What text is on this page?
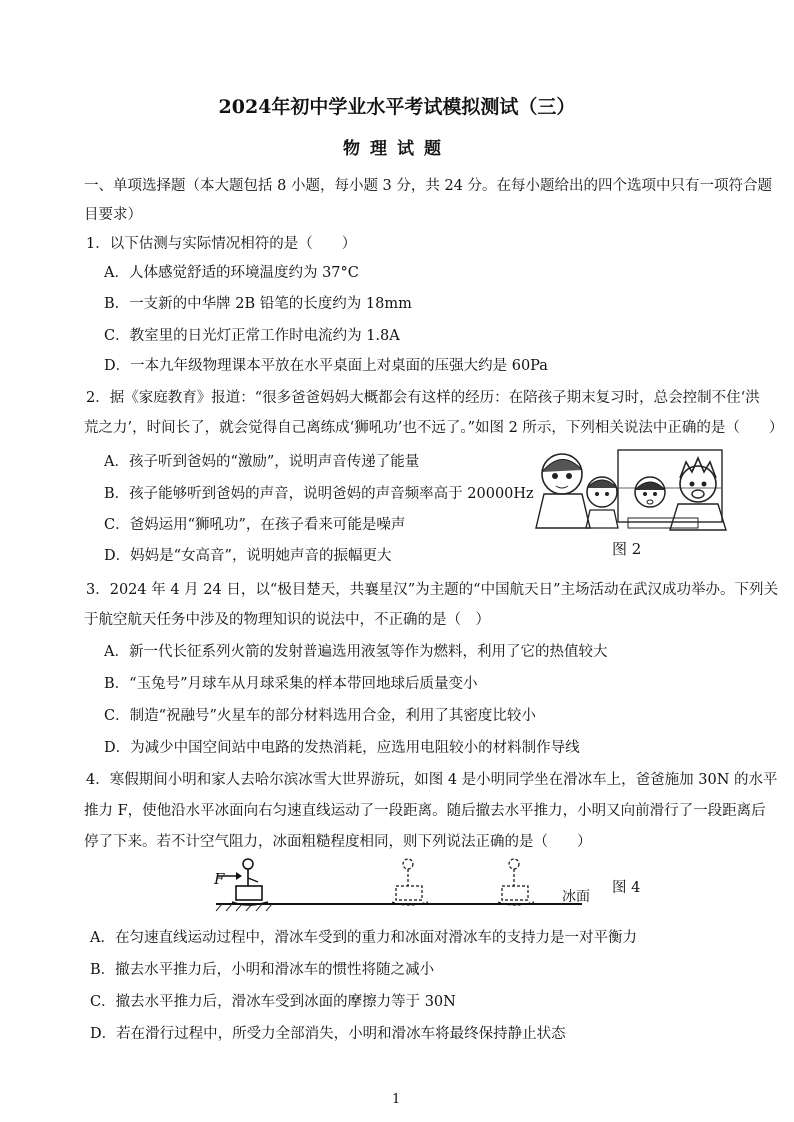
2024年初中学业水平考试模拟测试（三）
物理试题
一、单项选择题（本大题包括 8 小题，每小题 3 分，共 24 分。在每小题给出的四个选项中只有一项符合题
目要求）
1．以下估测与实际情况相符的是（　　）
A．人体感觉舒适的环境温度约为 37°C
B．一支新的中华牌 2B 铅笔的长度约为 18mm
C．教室里的日光灯正常工作时电流约为 1.8A
D．一本九年级物理课本平放在水平桌面上对桌面的压强大约是 60Pa
2．据《家庭教育》报道：“很多爸爸妈妈大概都会有这样的经历：在陪孩子期末复习时，总会控制不住‘洪
荒之力’，时间长了，就会觉得自己离练成‘狮吼功’也不远了。”如图 2 所示，下列相关说法中正确的是（　　）
A．孩子听到爸妈的“激励”，说明声音传递了能量
B．孩子能够听到爸妈的声音，说明爸妈的声音频率高于 20000Hz
C．爸妈运用“狮吼功”，在孩子看来可能是噪声
D．妈妈是“女高音”，说明她声音的振幅更大	图 2
3．2024 年 4 月 24 日，以“极目楚天，共襄星汉”为主题的“中国航天日”主场活动在武汉成功举办。下列关
于航空航天任务中涉及的物理知识的说法中，不正确的是（　）
A．新一代长征系列火箭的发射普遍选用液氢等作为燃料，利用了它的热值较大
B．“玉兔号”月球车从月球采集的样本带回地球后质量变小
C．制造“祝融号”火星车的部分材料选用合金，利用了其密度比较小
D．为减少中国空间站中电路的发热消耗，应选用电阻较小的材料制作导线
4．寒假期间小明和家人去哈尔滨冰雪大世界游玩，如图 4 是小明同学坐在滑冰车上，爸爸施加 30N 的水平
推力 F，使他沿水平冰面向右匀速直线运动了一段距离。随后撤去水平推力，小明又向前滑行了一段距离后
停了下来。若不计空气阻力，冰面粗糙程度相同，则下列说法正确的是（　　）
F
冰面
图 4
A．在匀速直线运动过程中，滑冰车受到的重力和冰面对滑冰车的支持力是一对平衡力
B．撤去水平推力后，小明和滑冰车的惯性将随之减小
C．撤去水平推力后，滑冰车受到冰面的摩擦力等于 30N
D．若在滑行过程中，所受力全部消失，小明和滑冰车将最终保持静止状态
1
